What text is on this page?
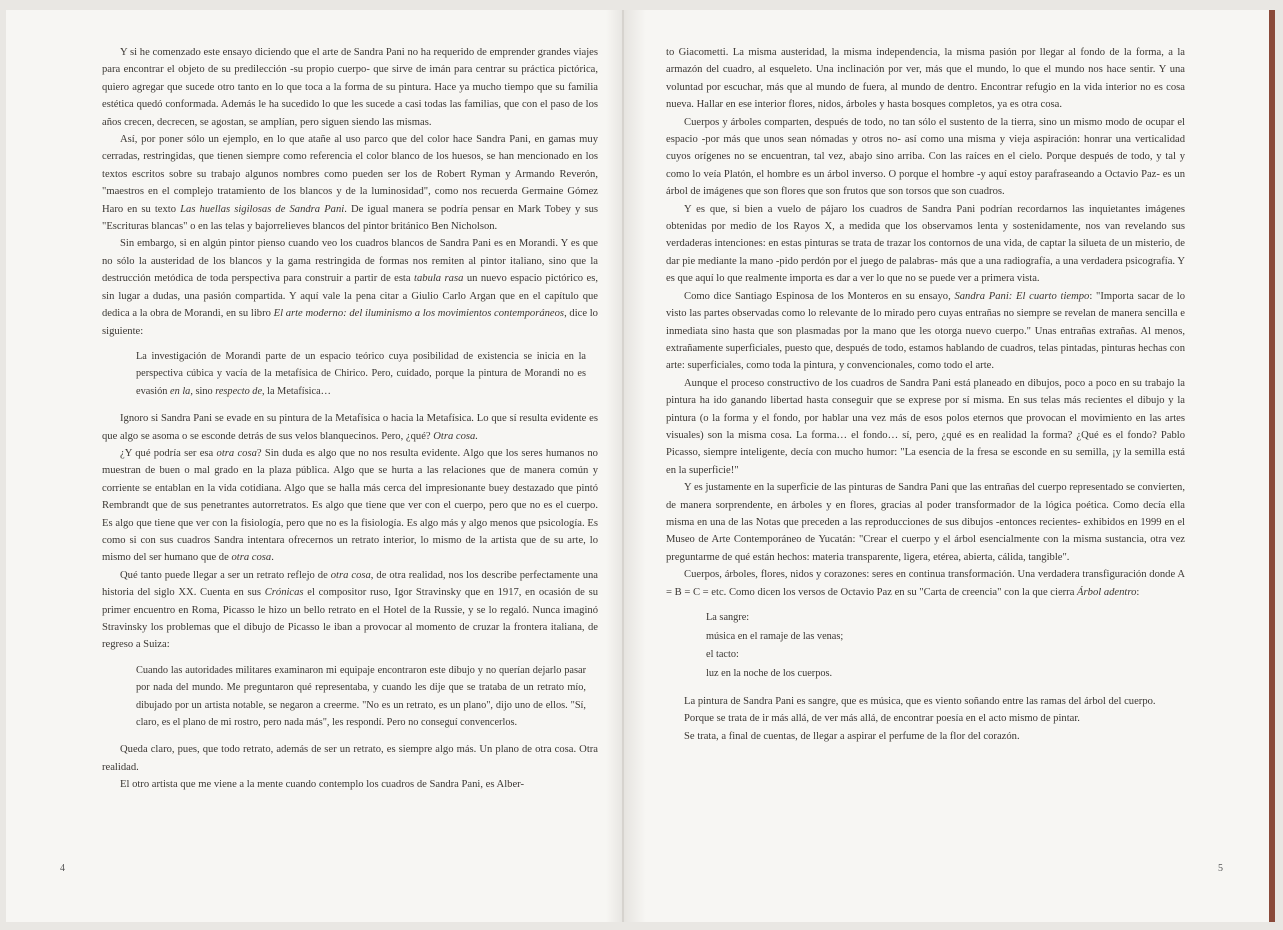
Y si he comenzado este ensayo diciendo que el arte de Sandra Pani no ha requerido de emprender grandes viajes para encontrar el objeto de su predilección -su propio cuerpo- que sirve de imán para centrar su práctica pictórica, quiero agregar que sucede otro tanto en lo que toca a la forma de su pintura. Hace ya mucho tiempo que su familia estética quedó conformada. Además le ha sucedido lo que les sucede a casi todas las familias, que con el paso de los años crecen, decrecen, se agostan, se amplían, pero siguen siendo las mismas.

Así, por poner sólo un ejemplo, en lo que atañe al uso parco que del color hace Sandra Pani, en gamas muy cerradas, restringidas, que tienen siempre como referencia el color blanco de los huesos, se han mencionado en los textos escritos sobre su trabajo algunos nombres como pueden ser los de Robert Ryman y Armando Reverón, "maestros en el complejo tratamiento de los blancos y de la luminosidad", como nos recuerda Germaine Gómez Haro en su texto Las huellas sigilosas de Sandra Pani. De igual manera se podría pensar en Mark Tobey y sus "Escrituras blancas" o en las telas y bajorrelieves blancos del pintor británico Ben Nicholson.

Sin embargo, si en algún pintor pienso cuando veo los cuadros blancos de Sandra Pani es en Morandi. Y es que no sólo la austeridad de los blancos y la gama restringida de formas nos remiten al pintor italiano, sino que la destrucción metódica de toda perspectiva para construir a partir de esta tabula rasa un nuevo espacio pictórico es, sin lugar a dudas, una pasión compartida. Y aquí vale la pena citar a Giulio Carlo Argan que en el capítulo que dedica a la obra de Morandi, en su libro El arte moderno: del iluminismo a los movimientos contemporáneos, dice lo siguiente:

La investigación de Morandi parte de un espacio teórico cuya posibilidad de existencia se inicia en la perspectiva cúbica y vacía de la metafísica de Chirico. Pero, cuidado, porque la pintura de Morandi no es evasión en la, sino respecto de, la Metafísica…

Ignoro si Sandra Pani se evade en su pintura de la Metafísica o hacia la Metafísica. Lo que sí resulta evidente es que algo se asoma o se esconde detrás de sus velos blanquecinos. Pero, ¿qué? Otra cosa.

¿Y qué podría ser esa otra cosa? Sin duda es algo que no nos resulta evidente. Algo que los seres humanos no muestran de buen o mal grado en la plaza pública. Algo que se hurta a las relaciones que de manera común y corriente se entablan en la vida cotidiana. Algo que se halla más cerca del impresionante buey destazado que pintó Rembrandt que de sus penetrantes autorretratos. Es algo que tiene que ver con el cuerpo, pero que no es el cuerpo. Es algo que tiene que ver con la fisiología, pero que no es la fisiología. Es algo más y algo menos que psicología. Es como si con sus cuadros Sandra intentara ofrecernos un retrato interior, lo mismo de la artista que de su arte, lo mismo del ser humano que de otra cosa.

Qué tanto puede llegar a ser un retrato reflejo de otra cosa, de otra realidad, nos los describe perfectamente una historia del siglo XX. Cuenta en sus Crónicas el compositor ruso, Igor Stravinsky que en 1917, en ocasión de su primer encuentro en Roma, Picasso le hizo un bello retrato en el Hotel de la Russie, y se lo regaló. Nunca imaginó Stravinsky los problemas que el dibujo de Picasso le iban a provocar al momento de cruzar la frontera italiana, de regreso a Suiza:

Cuando las autoridades militares examinaron mi equipaje encontraron este dibujo y no querían dejarlo pasar por nada del mundo. Me preguntaron qué representaba, y cuando les dije que se trataba de un retrato mío, dibujado por un artista notable, se negaron a creerme. "No es un retrato, es un plano", dijo uno de ellos. "Sí, claro, es el plano de mi rostro, pero nada más", les respondí. Pero no conseguí convencerlos.

Queda claro, pues, que todo retrato, además de ser un retrato, es siempre algo más. Un plano de otra cosa. Otra realidad.

El otro artista que me viene a la mente cuando contemplo los cuadros de Sandra Pani, es Alber-

4

to Giacometti. La misma austeridad, la misma independencia, la misma pasión por llegar al fondo de la forma, a la armazón del cuadro, al esqueleto. Una inclinación por ver, más que el mundo, lo que el mundo nos hace sentir. Y una voluntad por escuchar, más que al mundo de fuera, al mundo de dentro. Encontrar refugio en la vida interior no es cosa nueva. Hallar en ese interior flores, nidos, árboles y hasta bosques completos, ya es otra cosa.

Cuerpos y árboles comparten, después de todo, no tan sólo el sustento de la tierra, sino un mismo modo de ocupar el espacio -por más que unos sean nómadas y otros no- así como una misma y vieja aspiración: honrar una verticalidad cuyos orígenes no se encuentran, tal vez, abajo sino arriba. Con las raíces en el cielo. Porque después de todo, y tal y como lo veía Platón, el hombre es un árbol inverso. O porque el hombre -y aquí estoy parafraseando a Octavio Paz- es un árbol de imágenes que son flores que son frutos que son torsos que son cuadros.

Y es que, si bien a vuelo de pájaro los cuadros de Sandra Pani podrían recordarnos las inquietantes imágenes obtenidas por medio de los Rayos X, a medida que los observamos lenta y sostenidamente, nos van revelando sus verdaderas intenciones: en estas pinturas se trata de trazar los contornos de una vida, de captar la silueta de un misterio, de dar pie mediante la mano -pido perdón por el juego de palabras- más que a una radiografía, a una verdadera psicografía. Y es que aquí lo que realmente importa es dar a ver lo que no se puede ver a primera vista.

Como dice Santiago Espinosa de los Monteros en su ensayo, Sandra Pani: El cuarto tiempo: "Importa sacar de lo visto las partes observadas como lo relevante de lo mirado pero cuyas entrañas no siempre se revelan de manera sencilla e inmediata sino hasta que son plasmadas por la mano que les otorga nuevo cuerpo." Unas entrañas extrañas. Al menos, extrañamente superficiales, puesto que, después de todo, estamos hablando de cuadros, telas pintadas, pinturas hechas con arte: superficiales, como toda la pintura, y convencionales, como todo el arte.

Aunque el proceso constructivo de los cuadros de Sandra Pani está planeado en dibujos, poco a poco en su trabajo la pintura ha ido ganando libertad hasta conseguir que se exprese por sí misma. En sus telas más recientes el dibujo y la pintura (o la forma y el fondo, por hablar una vez más de esos polos eternos que provocan el movimiento en las artes visuales) son la misma cosa. La forma… el fondo… sí, pero, ¿qué es en realidad la forma? ¿Qué es el fondo? Pablo Picasso, siempre inteligente, decía con mucho humor: "La esencia de la fresa se esconde en su semilla, ¡y la semilla está en la superficie!"

Y es justamente en la superficie de las pinturas de Sandra Pani que las entrañas del cuerpo representado se convierten, de manera sorprendente, en árboles y en flores, gracias al poder transformador de la lógica poética. Como decía ella misma en una de las Notas que preceden a las reproducciones de sus dibujos -entonces recientes- exhibidos en 1999 en el Museo de Arte Contemporáneo de Yucatán: "Crear el cuerpo y el árbol esencialmente con la misma sustancia, otra vez preguntarme de qué están hechos: materia transparente, ligera, etérea, abierta, cálida, tangible".

Cuerpos, árboles, flores, nidos y corazones: seres en continua transformación. Una verdadera transfiguración donde A = B = C = etc. Como dicen los versos de Octavio Paz en su "Carta de creencia" con la que cierra Árbol adentro:

La sangre:
música en el ramaje de las venas;
el tacto:
luz en la noche de los cuerpos.

La pintura de Sandra Pani es sangre, que es música, que es viento soñando entre las ramas del árbol del cuerpo.

Porque se trata de ir más allá, de ver más allá, de encontrar poesía en el acto mismo de pintar.

Se trata, a final de cuentas, de llegar a aspirar el perfume de la flor del corazón.

5
